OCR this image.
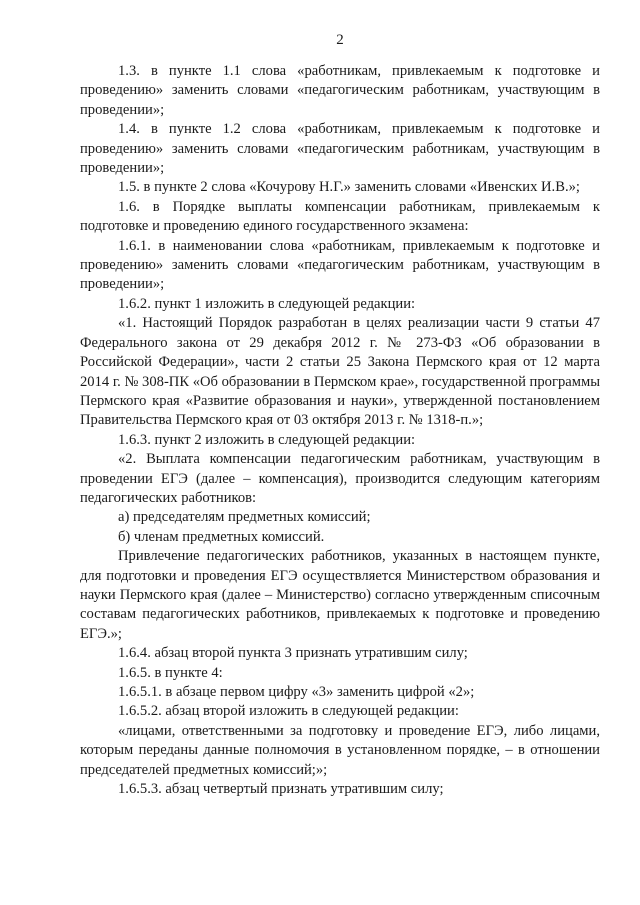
2

1.3. в пункте 1.1 слова «работникам, привлекаемым к подготовке и проведению» заменить словами «педагогическим работникам, участвующим в проведении»;

1.4. в пункте 1.2 слова «работникам, привлекаемым к подготовке и проведению» заменить словами «педагогическим работникам, участвующим в проведении»;

1.5. в пункте 2 слова «Кочурову Н.Г.» заменить словами «Ивенских И.В.»;

1.6. в Порядке выплаты компенсации работникам, привлекаемым к подготовке и проведению единого государственного экзамена:

1.6.1. в наименовании слова «работникам, привлекаемым к подготовке и проведению» заменить словами «педагогическим работникам, участвующим в проведении»;

1.6.2. пункт 1 изложить в следующей редакции:

«1. Настоящий Порядок разработан в целях реализации части 9 статьи 47 Федерального закона от 29 декабря 2012 г. № 273-ФЗ «Об образовании в Российской Федерации», части 2 статьи 25 Закона Пермского края от 12 марта 2014 г. № 308-ПК «Об образовании в Пермском крае», государственной программы Пермского края «Развитие образования и науки», утвержденной постановлением Правительства Пермского края от 03 октября 2013 г. № 1318-п.»;

1.6.3. пункт 2 изложить в следующей редакции:

«2. Выплата компенсации педагогическим работникам, участвующим в проведении ЕГЭ (далее – компенсация), производится следующим категориям педагогических работников:

а) председателям предметных комиссий;

б) членам предметных комиссий.

Привлечение педагогических работников, указанных в настоящем пункте, для подготовки и проведения ЕГЭ осуществляется Министерством образования и науки Пермского края (далее – Министерство) согласно утвержденным списочным составам педагогических работников, привлекаемых к подготовке и проведению ЕГЭ.»;

1.6.4. абзац второй пункта 3 признать утратившим силу;

1.6.5. в пункте 4:

1.6.5.1. в абзаце первом цифру «3» заменить цифрой «2»;

1.6.5.2. абзац второй изложить в следующей редакции:

«лицами, ответственными за подготовку и проведение ЕГЭ, либо лицами, которым переданы данные полномочия в установленном порядке, – в отношении председателей предметных комиссий;»;

1.6.5.3. абзац четвертый признать утратившим силу;
